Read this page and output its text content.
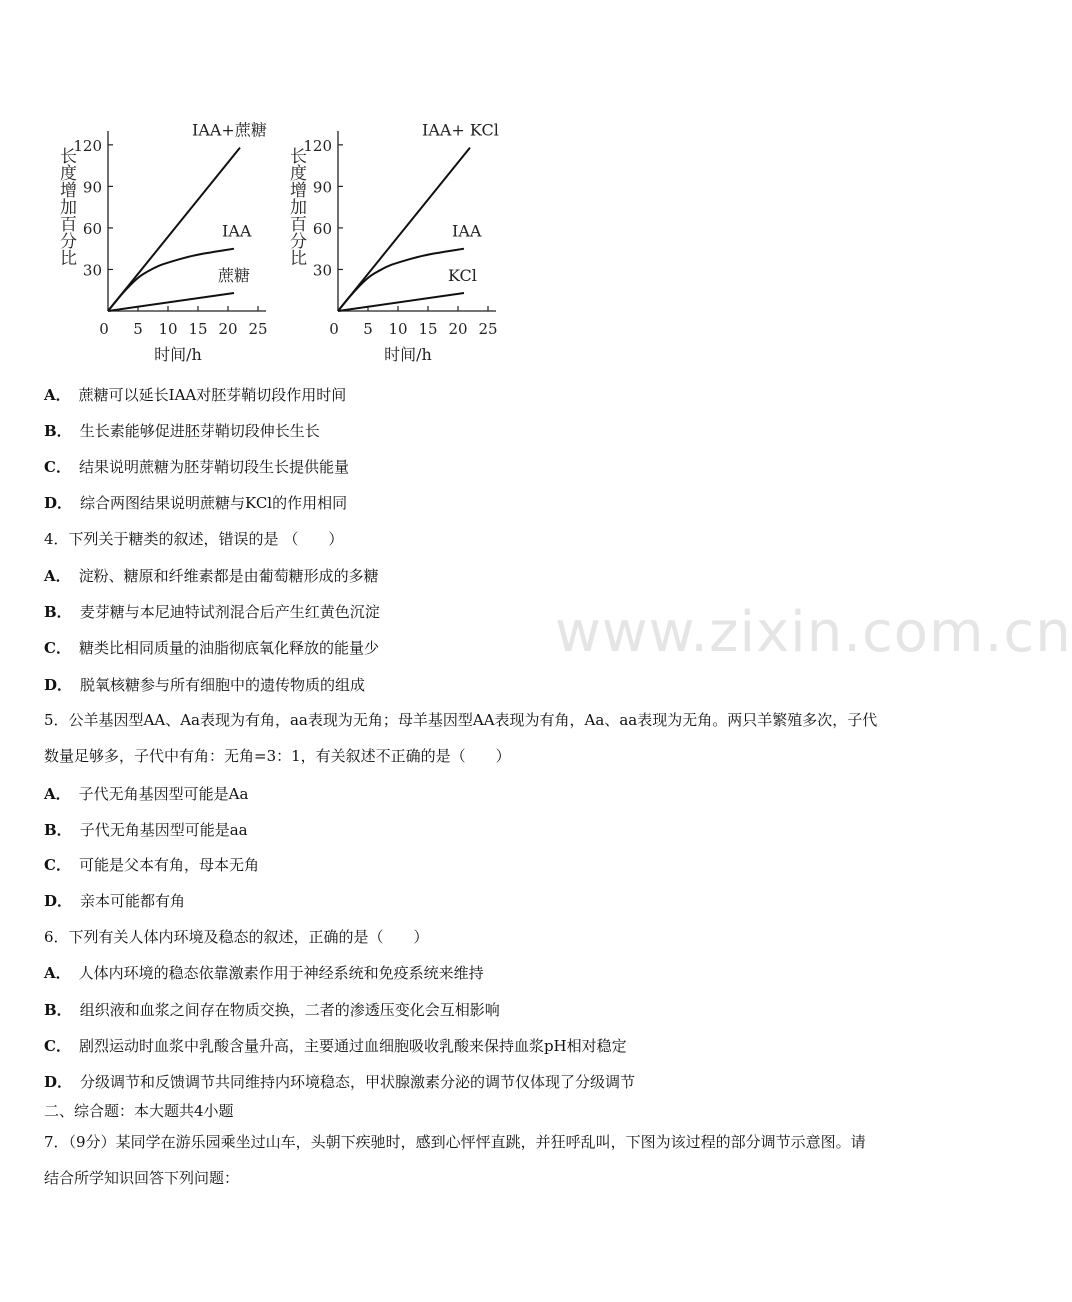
长度增加百分比
30
60
90
120
0 5 10 15 20 25
时间/h
IAA+蔗糖
IAA
蔗糖
长度增加百分比
30
60
90
120
0 5 10 15 20 25
时间/h
IAA+ KCl
IAA
KCl
A． 蔗糖可以延长IAA对胚芽鞘切段作用时间
B． 生长素能够促进胚芽鞘切段伸长生长
C． 结果说明蔗糖为胚芽鞘切段生长提供能量
D． 综合两图结果说明蔗糖与KCl的作用相同
4．下列关于糖类的叙述，错误的是 （　　）
A． 淀粉、糖原和纤维素都是由葡萄糖形成的多糖
B． 麦芽糖与本尼迪特试剂混合后产生红黄色沉淀
C． 糖类比相同质量的油脂彻底氧化释放的能量少
D． 脱氧核糖参与所有细胞中的遗传物质的组成
5．公羊基因型AA、Aa表现为有角，aa表现为无角；母羊基因型AA表现为有角，Aa、aa表现为无角。两只羊繁殖多次，子代数量足够多，子代中有角：无角=3：1，有关叙述不正确的是（　　）
A． 子代无角基因型可能是Aa
B． 子代无角基因型可能是aa
C． 可能是父本有角，母本无角
D． 亲本可能都有角
6．下列有关人体内环境及稳态的叙述，正确的是（　　）
A． 人体内环境的稳态依靠激素作用于神经系统和免疫系统来维持
B． 组织液和血浆之间存在物质交换，二者的渗透压变化会互相影响
C． 剧烈运动时血浆中乳酸含量升高，主要通过血细胞吸收乳酸来保持血浆pH相对稳定
D． 分级调节和反馈调节共同维持内环境稳态，甲状腺激素分泌的调节仅体现了分级调节
二、综合题：本大题共4小题
7．（9分）某同学在游乐园乘坐过山车，头朝下疾驰时，感到心怦怦直跳，并狂呼乱叫，下图为该过程的部分调节示意图。请结合所学知识回答下列问题：
www.zixin.com.cn
